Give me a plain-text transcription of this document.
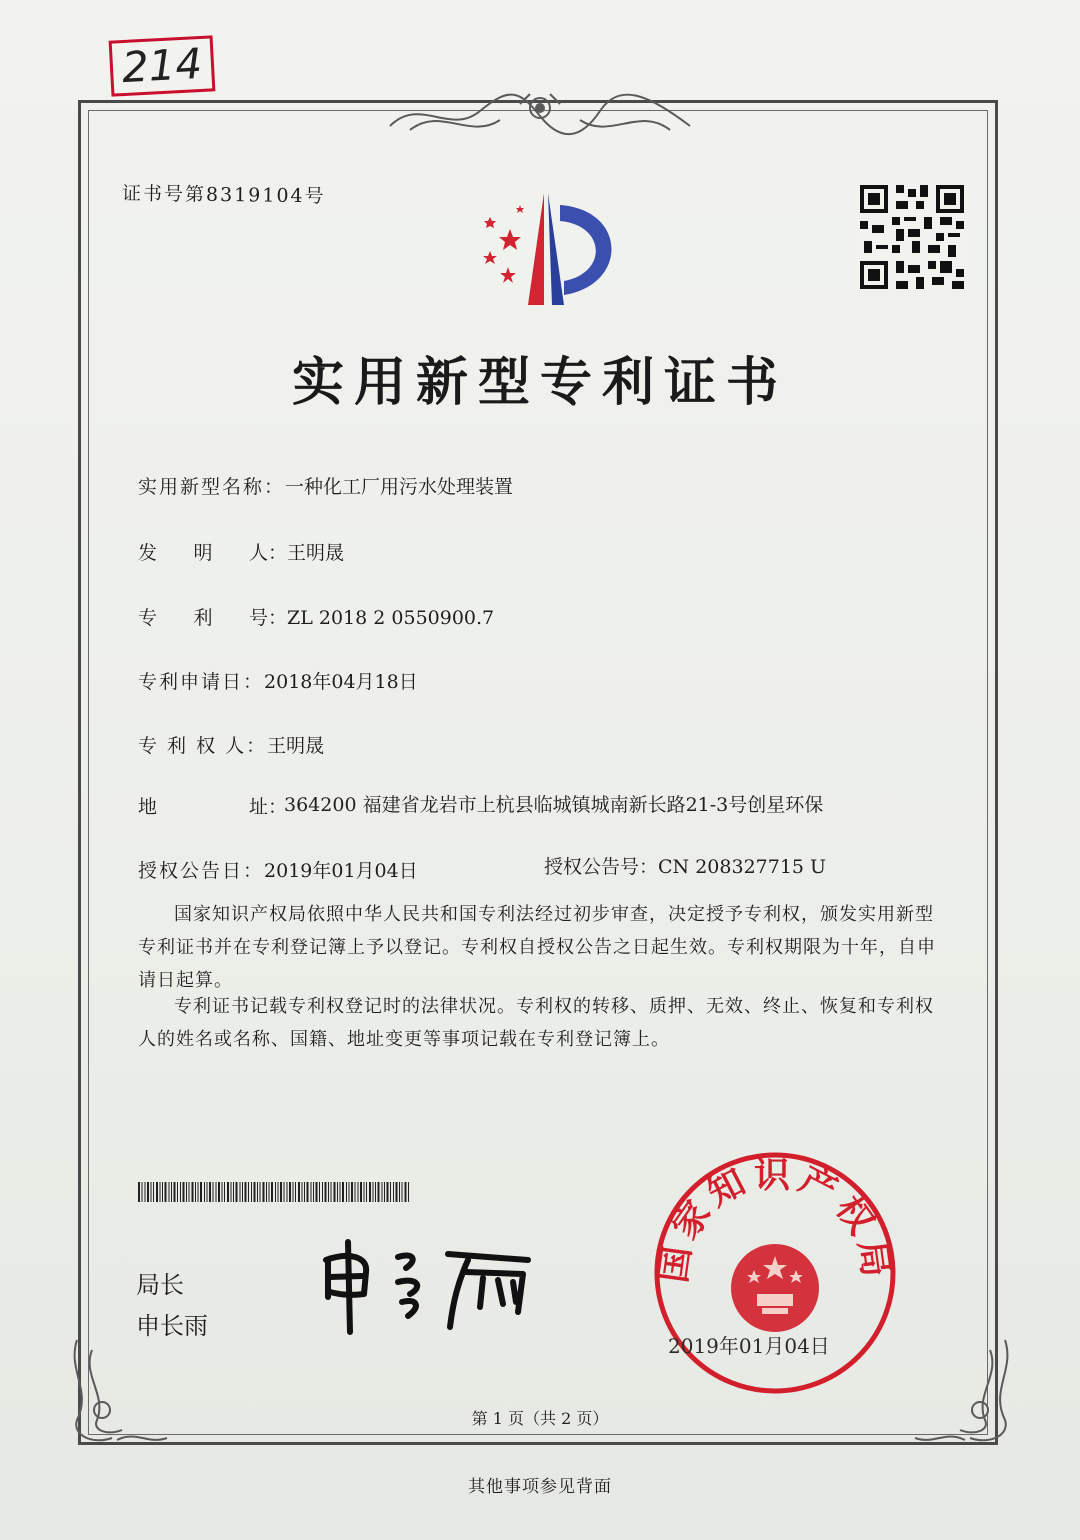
214
证书号第8319104号
实用新型专利证书
实用新型名称：一种化工厂用污水处理装置
发 明 人 ：王明晟
专 利 号 ：ZL 2018 2 0550900.7
专利申请日：2018年04月18日
专 利 权 人：王明晟
地	址 ：
364200 福建省龙岩市上杭县临城镇城南新长路21-3号创星环保
授权公告日：2019年01月04日	授权公告号：CN 208327715 U
国家知识产权局依照中华人民共和国专利法经过初步审查，决定授予专利权，颁发实用新型专利证书并在专利登记簿上予以登记。专利权自授权公告之日起生效。专利权期限为十年，自申请日起算。
专利证书记载专利权登记时的法律状况。专利权的转移、质押、无效、终止、恢复和专利权人的姓名或名称、国籍、地址变更等事项记载在专利登记簿上。
局长
申长雨
国家知识产权局
2019年01月04日
第 1 页（共 2 页）
其他事项参见背面
